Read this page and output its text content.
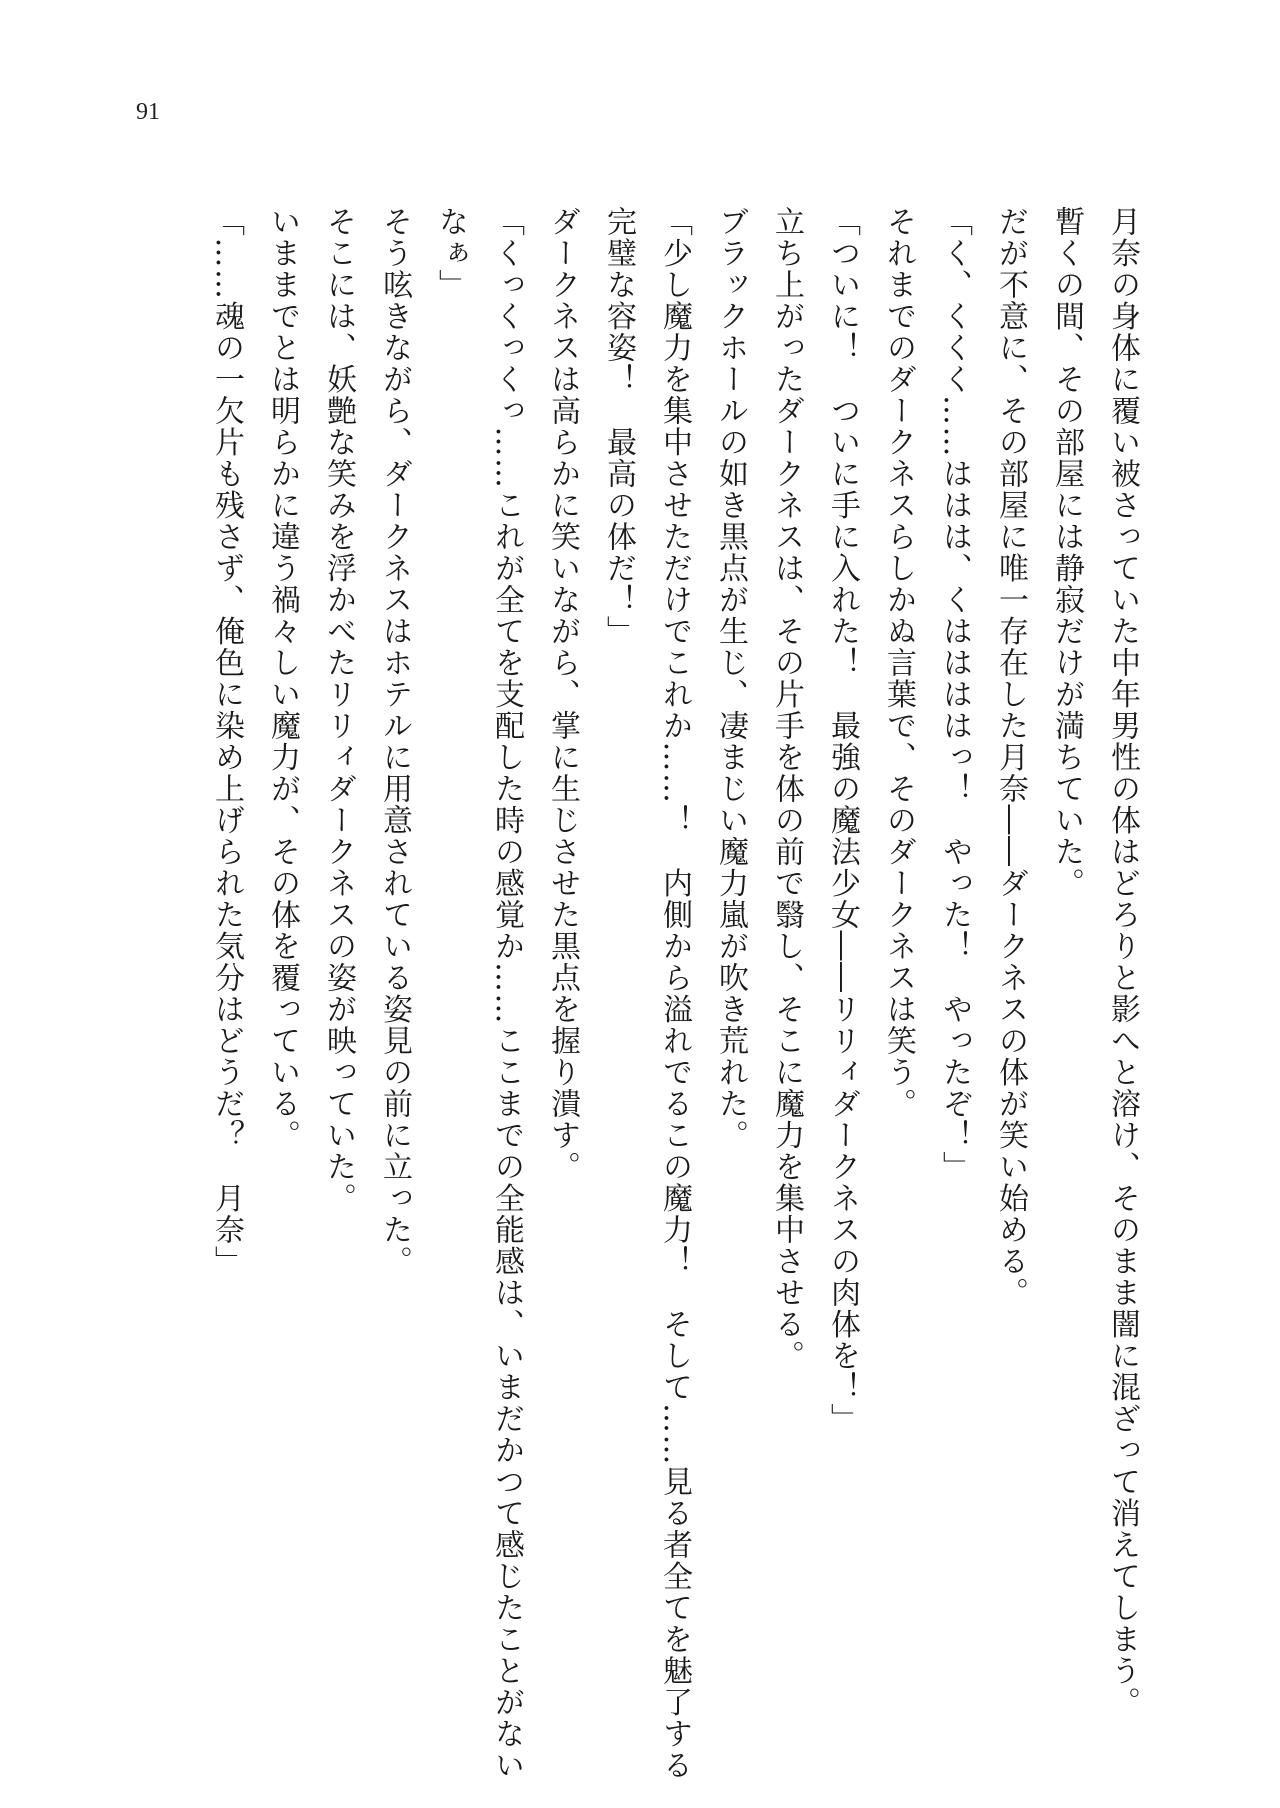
91

月奈の身体に覆い被さっていた中年男性の体はどろりと影へと溶け、そのまま闇に混ざって消えてしまう。

暫くの間、その部屋には静寂だけが満ちていた。

だが不意に、その部屋に唯一存在した月奈――ダークネスの体が笑い始める。

「く、くくく……ははは、くははははっ！　やった！　やったぞ！」

それまでのダークネスらしかぬ言葉で、そのダークネスは笑う。

「ついに！　ついに手に入れた！　最強の魔法少女――リリィダークネスの肉体を！」

立ち上がったダークネスは、その片手を体の前で翳し、そこに魔力を集中させる。

ブラックホールの如き黒点が生じ、凄まじい魔力嵐が吹き荒れた。

「少し魔力を集中させただけでこれか……！　内側から溢れでるこの魔力！　そして……見る者全てを魅了する

完璧な容姿！　最高の体だ！」

ダークネスは高らかに笑いながら、掌に生じさせた黒点を握り潰す。

「くっくっくっ……これが全てを支配した時の感覚か……ここまでの全能感は、いまだかつて感じたことがない

なぁ」

そう呟きながら、ダークネスはホテルに用意されている姿見の前に立った。

そこには、妖艶な笑みを浮かべたリリィダークネスの姿が映っていた。

いままでとは明らかに違う禍々しい魔力が、その体を覆っている。

「……魂の一欠片も残さず、俺色に染め上げられた気分はどうだ？　月奈」
